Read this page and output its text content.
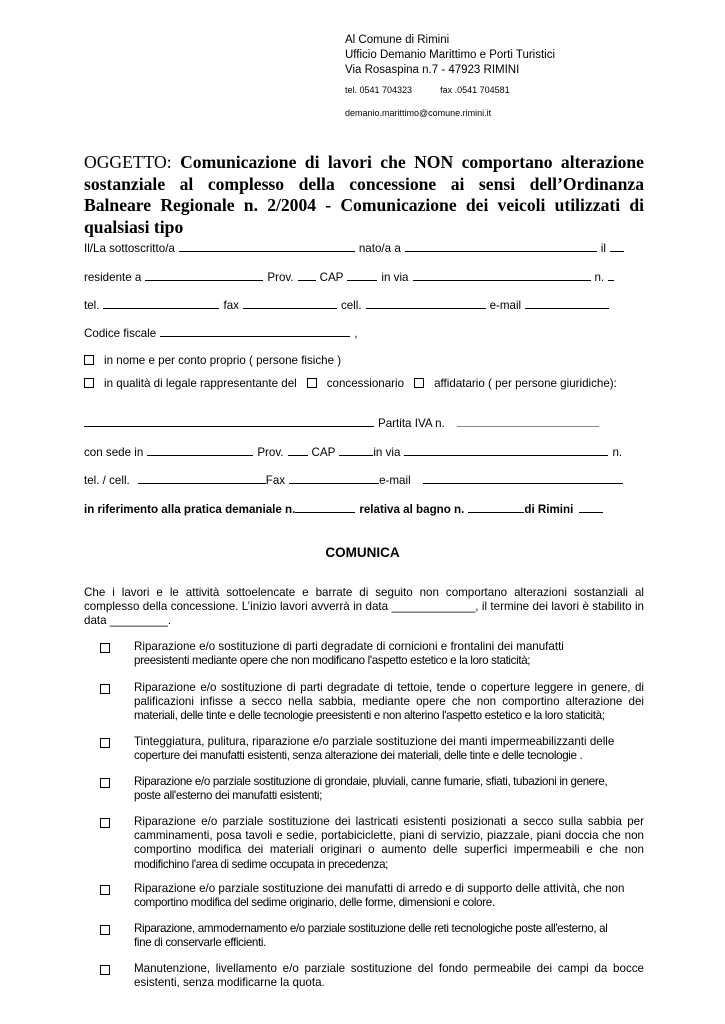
Al Comune di Rimini
Ufficio Demanio Marittimo e Porti Turistici
Via Rosaspina n.7 - 47923 RIMINI
tel. 0541 704323	fax .0541 704581
demanio.marittimo@comune.rimini.it
OGGETTO: Comunicazione di lavori che NON comportano alterazione sostanziale al complesso della concessione ai sensi dell’Ordinanza Balneare Regionale n. 2/2004 - Comunicazione dei veicoli utilizzati di qualsiasi tipo
Il/La sottoscritto/a	nato/a a	il
residente a	Prov. CAP	in via	n.
tel.	fax	cell.	e-mail
Codice fiscale	,
in nome e per conto proprio ( persone fisiche )
in qualità di legale rappresentante del	concessionario	affidatario ( per persone giuridiche):
Partita IVA n.
con sede in	Prov. CAP	in via	n.
tel. / cell.	Fax	e-mail
in riferimento alla pratica demaniale n.	relativa al bagno n.	di Rimini
COMUNICA
Che i lavori e le attività sottoelencate e barrate di seguito non comportano alterazioni sostanziali al complesso della concessione. L’inizio lavori avverrà in data _____________, il termine dei lavori è stabilito in data _________.
Riparazione e/o sostituzione di parti degradate di cornicioni e frontalini dei manufatti
preesistenti mediante opere che non modificano l'aspetto estetico e la loro staticità;
Riparazione e/o sostituzione di parti degradate di tettoie, tende o coperture leggere in genere, di palificazioni infisse a secco nella sabbia, mediante opere che non comportino alterazione dei materiali, delle tinte e delle tecnologie preesistenti e non alterino l'aspetto estetico e la loro staticità;
Tinteggiatura, pulitura, riparazione e/o parziale sostituzione dei manti impermeabilizzanti delle
coperture dei manufatti esistenti, senza alterazione dei materiali, delle tinte e delle tecnologie .
Riparazione e/o parziale sostituzione di grondaie, pluviali, canne fumarie, sfiati, tubazioni in genere,
poste all'esterno dei manufatti esistenti;
Riparazione e/o parziale sostituzione dei lastricati esistenti posizionati a secco sulla sabbia per camminamenti, posa tavoli e sedie, portabiciclette, piani di servizio, piazzale, piani doccia che non comportino modifica dei materiali originari o aumento delle superfici impermeabili e che non modifichino l'area di sedime occupata in precedenza;
Riparazione e/o parziale sostituzione dei manufatti di arredo e di supporto delle attività, che non
comportino modifica del sedime originario, delle forme, dimensioni e colore.
Riparazione, ammodernamento e/o parziale sostituzione delle reti tecnologiche poste all'esterno, al
fine di conservarle efficienti.
Manutenzione, livellamento e/o parziale sostituzione del fondo permeabile dei campi da bocce esistenti, senza modificarne la quota.
